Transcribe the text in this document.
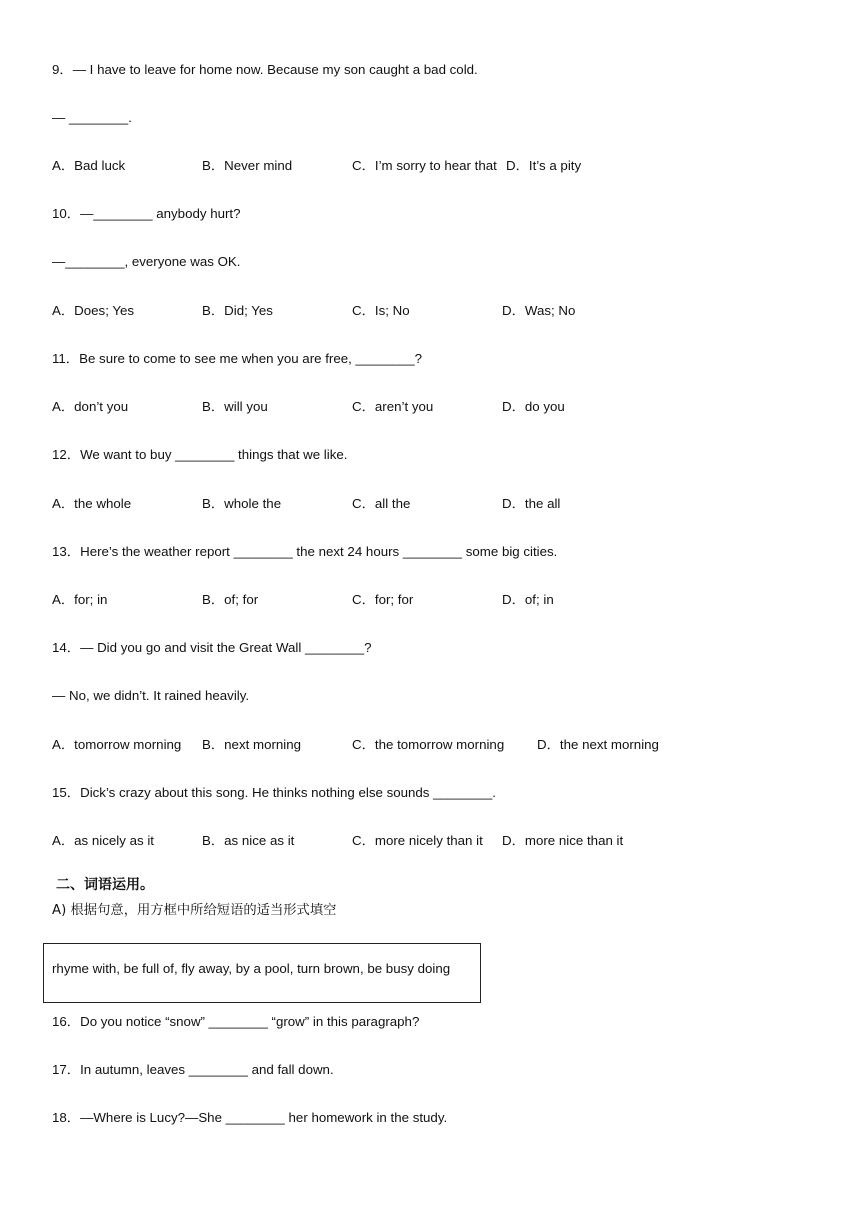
9．— I have to leave for home now. Because my son caught a bad cold.
— ________.

A．Bad luck

	B．Never mind

	C．I’m sorry to hear that

D．It’s a pity

10．—________ anybody hurt?
—________, everyone was OK.

A．Does; Yes

	B．Did; Yes

	C．Is; No

	D．Was; No

11．Be sure to come to see me when you are free, ________?

A．don’t you

	B．will you

	C．aren’t you

	D．do you

12．We want to buy ________ things that we like.

A．the whole

	B．whole the

	C．all the

	D．the all

13．Here’s the weather report ________ the next 24 hours ________ some big cities.

A．for; in

	B．of; for

	C．for; for

	D．of; in

14．— Did you go and visit the Great Wall ________?
— No, we didn’t. It rained heavily.

A．tomorrow morning

B．next morning

	C．the tomorrow morning

D．the next morning

15．Dick’s crazy about this song. He thinks nothing else sounds ________.

A．as nicely as it

	B．as nice as it

	C．more nicely than it

D．more nice than it

二、词语运用。
A) 根据句意，用方框中所给短语的适当形式填空
rhyme with, be full of, fly away, by a pool, turn brown, be busy doing
16．Do you notice “snow” ________ “grow” in this paragraph?
17．In autumn, leaves ________ and fall down.
18．—Where is Lucy?—She ________ her homework in the study.
